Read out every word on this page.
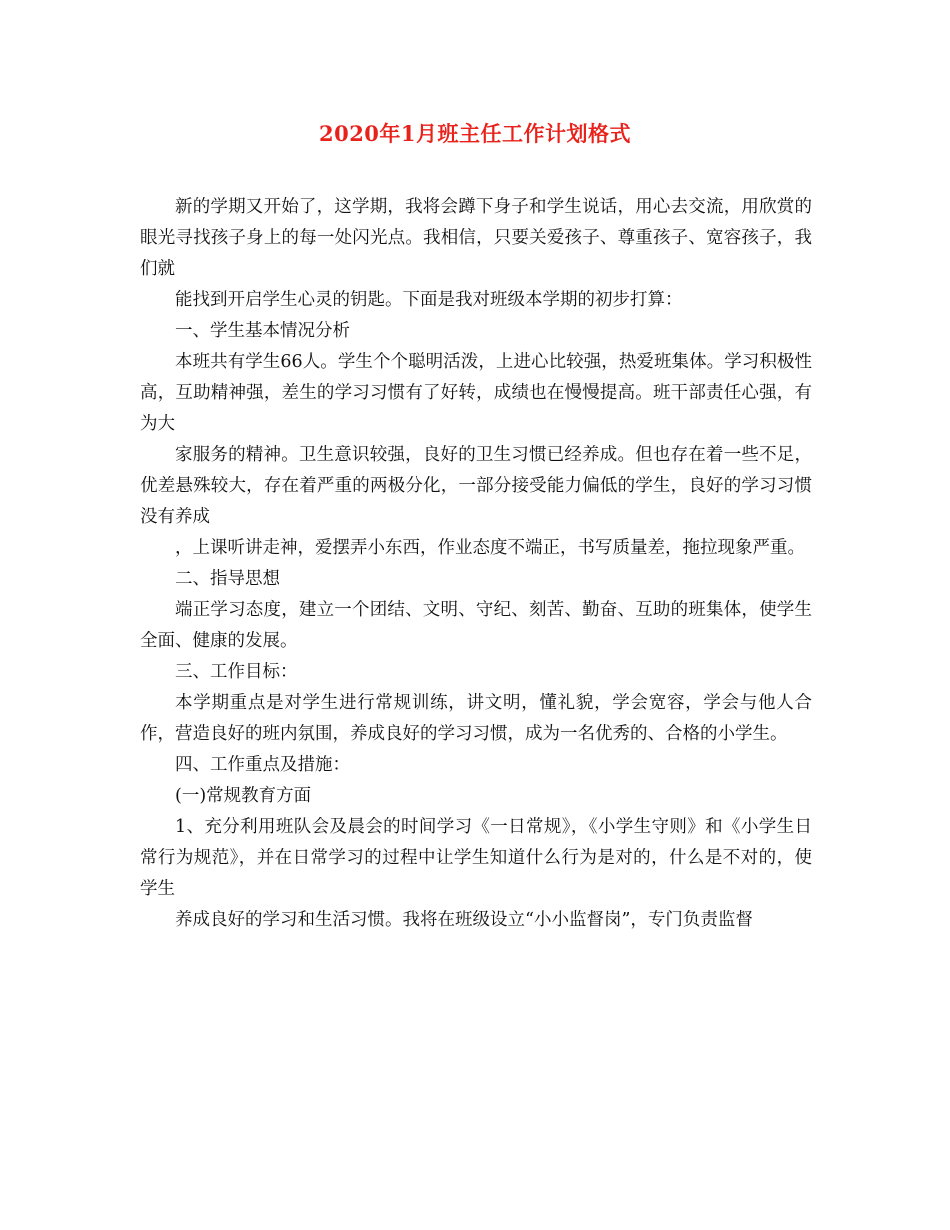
2020年1月班主任工作计划格式

新的学期又开始了，这学期，我将会蹲下身子和学生说话，用心去交流，用欣赏的眼光寻找孩子身上的每一处闪光点。我相信，只要关爱孩子、尊重孩子、宽容孩子，我们就

能找到开启学生心灵的钥匙。下面是我对班级本学期的初步打算：

一、学生基本情况分析

本班共有学生66人。学生个个聪明活泼，上进心比较强，热爱班集体。学习积极性高，互助精神强，差生的学习习惯有了好转，成绩也在慢慢提高。班干部责任心强，有为大

家服务的精神。卫生意识较强，良好的卫生习惯已经养成。但也存在着一些不足，优差悬殊较大，存在着严重的两极分化，一部分接受能力偏低的学生，良好的学习习惯没有养成

，上课听讲走神，爱摆弄小东西，作业态度不端正，书写质量差，拖拉现象严重。

二、指导思想

端正学习态度，建立一个团结、文明、守纪、刻苦、勤奋、互助的班集体，使学生全面、健康的发展。

三、工作目标：

本学期重点是对学生进行常规训练，讲文明，懂礼貌，学会宽容，学会与他人合作，营造良好的班内氛围，养成良好的学习习惯，成为一名优秀的、合格的小学生。

四、工作重点及措施：

(一)常规教育方面

1、充分利用班队会及晨会的时间学习《一日常规》，《小学生守则》和《小学生日常行为规范》，并在日常学习的过程中让学生知道什么行为是对的，什么是不对的，使学生

养成良好的学习和生活习惯。我将在班级设立“小小监督岗”，专门负责监督
